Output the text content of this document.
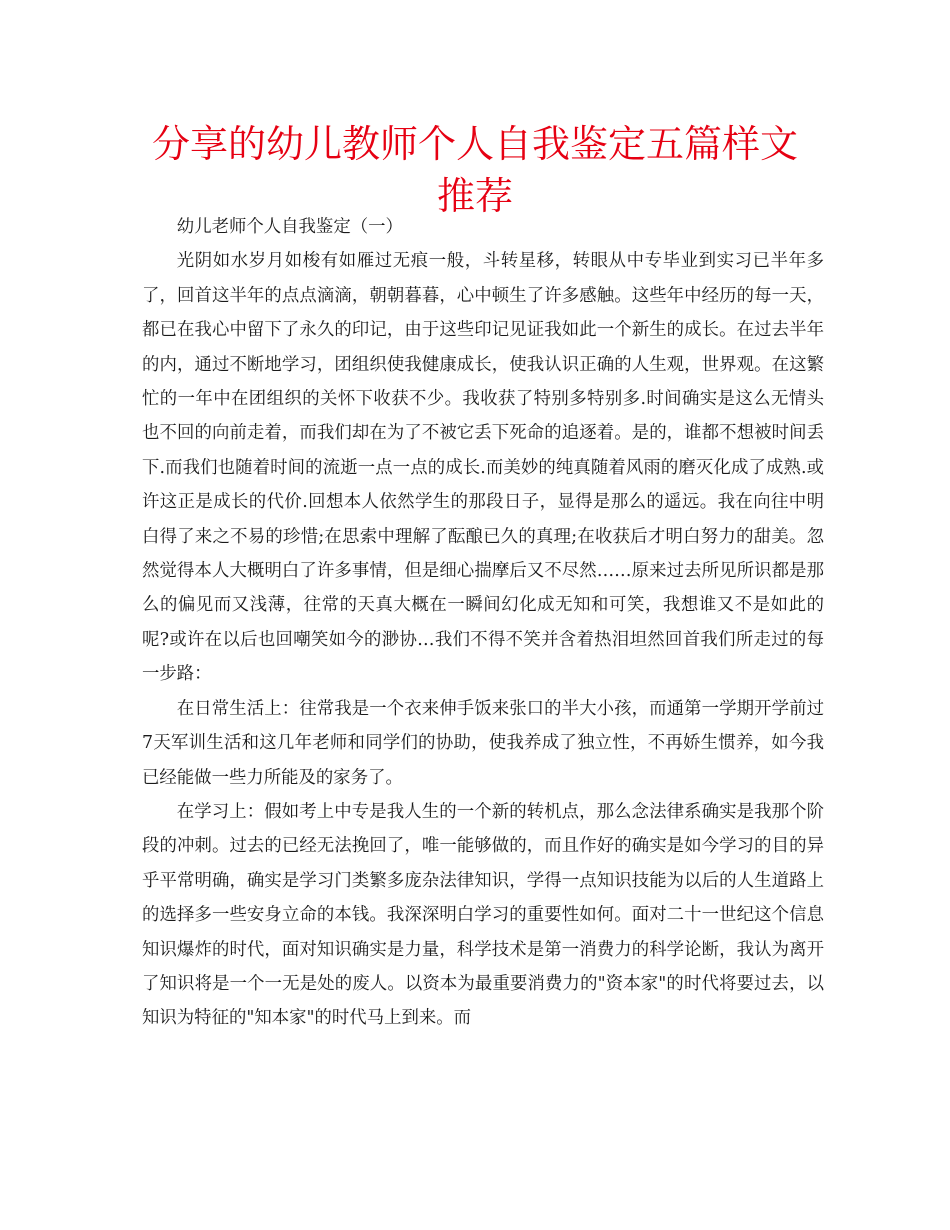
分享的幼儿教师个人自我鉴定五篇样文推荐

幼儿老师个人自我鉴定（一）

光阴如水岁月如梭有如雁过无痕一般，斗转星移，转眼从中专毕业到实习已半年多了，回首这半年的点点滴滴，朝朝暮暮，心中顿生了许多感触。这些年中经历的每一天，都已在我心中留下了永久的印记，由于这些印记见证我如此一个新生的成长。在过去半年的内，通过不断地学习，团组织使我健康成长，使我认识正确的人生观，世界观。在这繁忙的一年中在团组织的关怀下收获不少。我收获了特别多特别多.时间确实是这么无情头也不回的向前走着，而我们却在为了不被它丢下死命的追逐着。是的，谁都不想被时间丢下.而我们也随着时间的流逝一点一点的成长.而美妙的纯真随着风雨的磨灭化成了成熟.或许这正是成长的代价.回想本人依然学生的那段日子，显得是那么的遥远。我在向往中明白得了来之不易的珍惜;在思索中理解了酝酿已久的真理;在收获后才明白努力的甜美。忽然觉得本人大概明白了许多事情，但是细心揣摩后又不尽然……原来过去所见所识都是那么的偏见而又浅薄，往常的天真大概在一瞬间幻化成无知和可笑，我想谁又不是如此的呢?或许在以后也回嘲笑如今的渺协…我们不得不笑并含着热泪坦然回首我们所走过的每一步路：

在日常生活上：往常我是一个衣来伸手饭来张口的半大小孩，而通第一学期开学前过7天军训生活和这几年老师和同学们的协助，使我养成了独立性，不再娇生惯养，如今我已经能做一些力所能及的家务了。

在学习上：假如考上中专是我人生的一个新的转机点，那么念法律系确实是我那个阶段的冲刺。过去的已经无法挽回了，唯一能够做的，而且作好的确实是如今学习的目的异乎平常明确，确实是学习门类繁多庞杂法律知识，学得一点知识技能为以后的人生道路上的选择多一些安身立命的本钱。我深深明白学习的重要性如何。面对二十一世纪这个信息知识爆炸的时代，面对知识确实是力量，科学技术是第一消费力的科学论断，我认为离开了知识将是一个一无是处的废人。以资本为最重要消费力的"资本家"的时代将要过去，以知识为特征的"知本家"的时代马上到来。而
